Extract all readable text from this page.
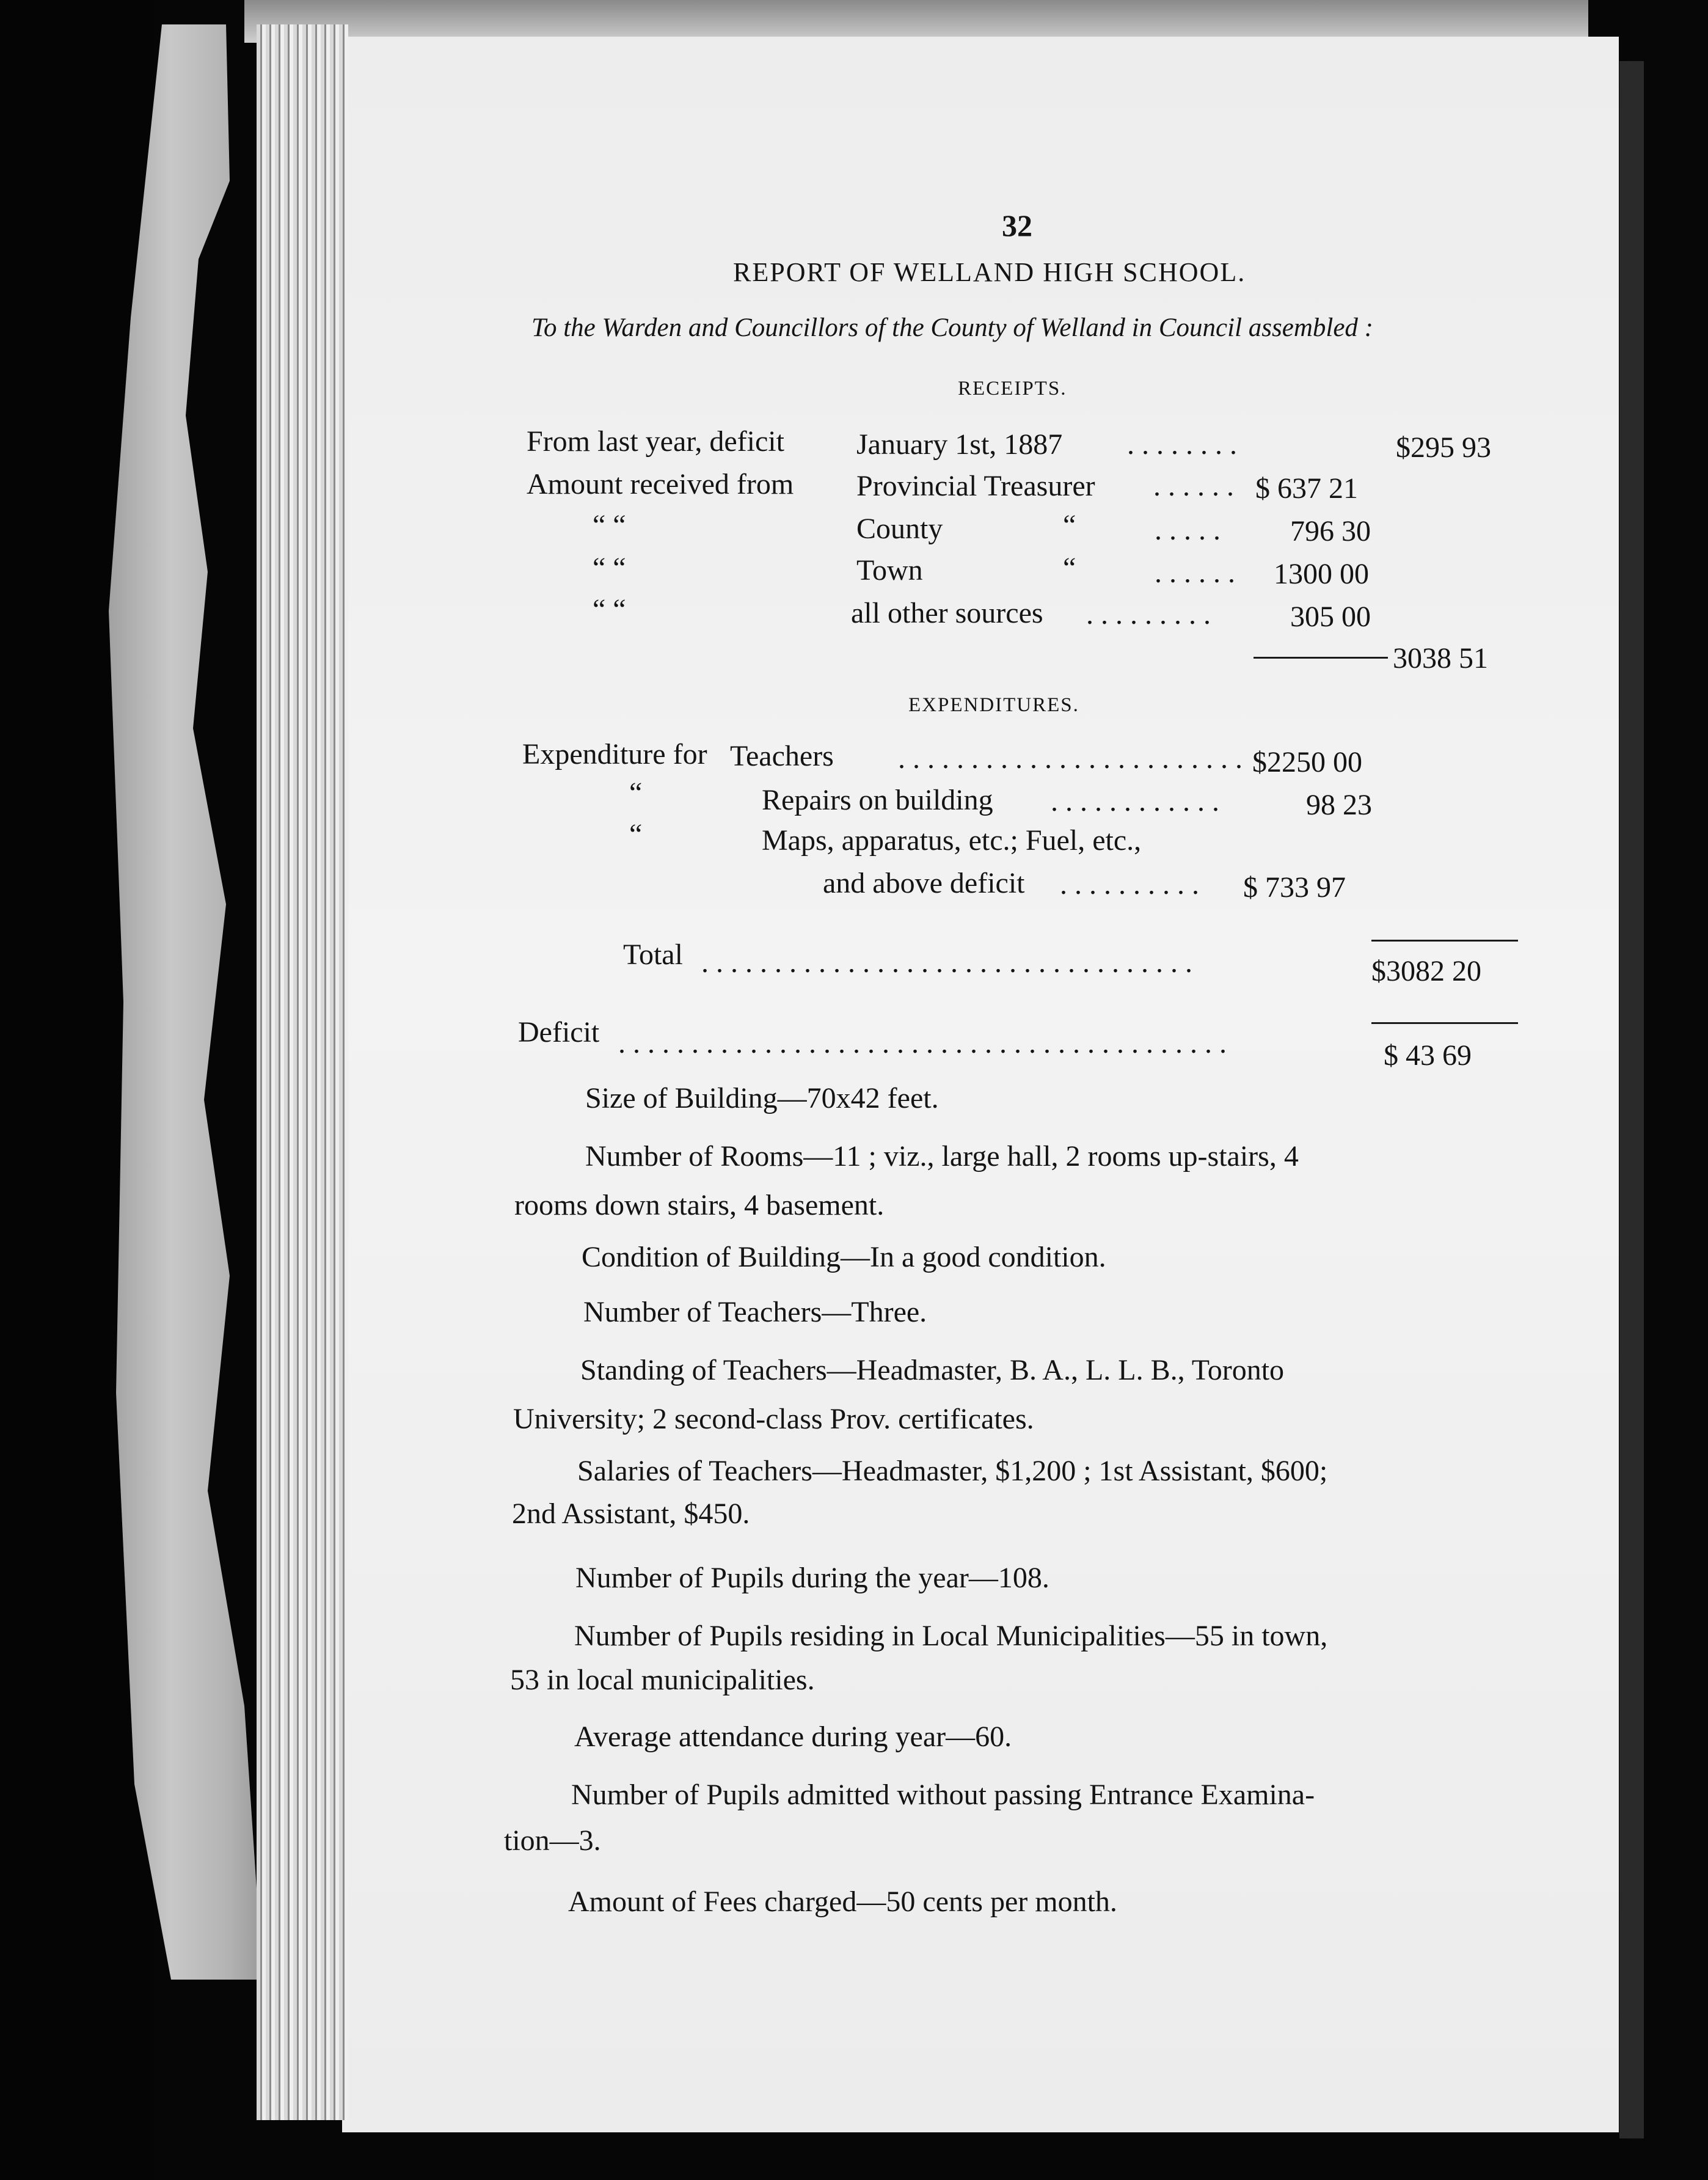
32
REPORT OF WELLAND HIGH SCHOOL.
To the Warden and Councillors of the County of Welland in Council assembled :
RECEIPTS.
From last year, deficit January 1st, 1887 . . . . . . . .	$295 93
Amount received from Provincial Treasurer . . . . . . $ 637 21
“ “	County	“	. . . . . 796 30
“ “	Town	“	. . . . . . 1300 00
“ “	all other sources . . . . . . . . .	305 00
3038 51
EXPENDITURES.
Expenditure for Teachers . . . . . . . . . . . . . . . . . . . . . . . . $2250 00
“	Repairs on building . . . . . . . . . . . .	98 23
“	Maps, apparatus, etc.; Fuel, etc.,
and above deficit . . . . . . . . . . $ 733 97
Total . . . . . . . . . . . . . . . . . . . . . . . . . . . . . . . . . .	$3082 20
Deficit . . . . . . . . . . . . . . . . . . . . . . . . . . . . . . . . . . . . . . . . . .	$ 43 69
Size of Building—70x42 feet.
Number of Rooms—11 ; viz., large hall, 2 rooms up-stairs, 4
rooms down stairs, 4 basement.
Condition of Building—In a good condition.
Number of Teachers—Three.
Standing of Teachers—Headmaster, B. A., L. L. B., Toronto
University; 2 second-class Prov. certificates.
Salaries of Teachers—Headmaster, $1,200 ; 1st Assistant, $600;
2nd Assistant, $450.
Number of Pupils during the year—108.
Number of Pupils residing in Local Municipalities—55 in town,
53 in local municipalities.
Average attendance during year—60.
Number of Pupils admitted without passing Entrance Examina-
tion—3.
Amount of Fees charged—50 cents per month.
